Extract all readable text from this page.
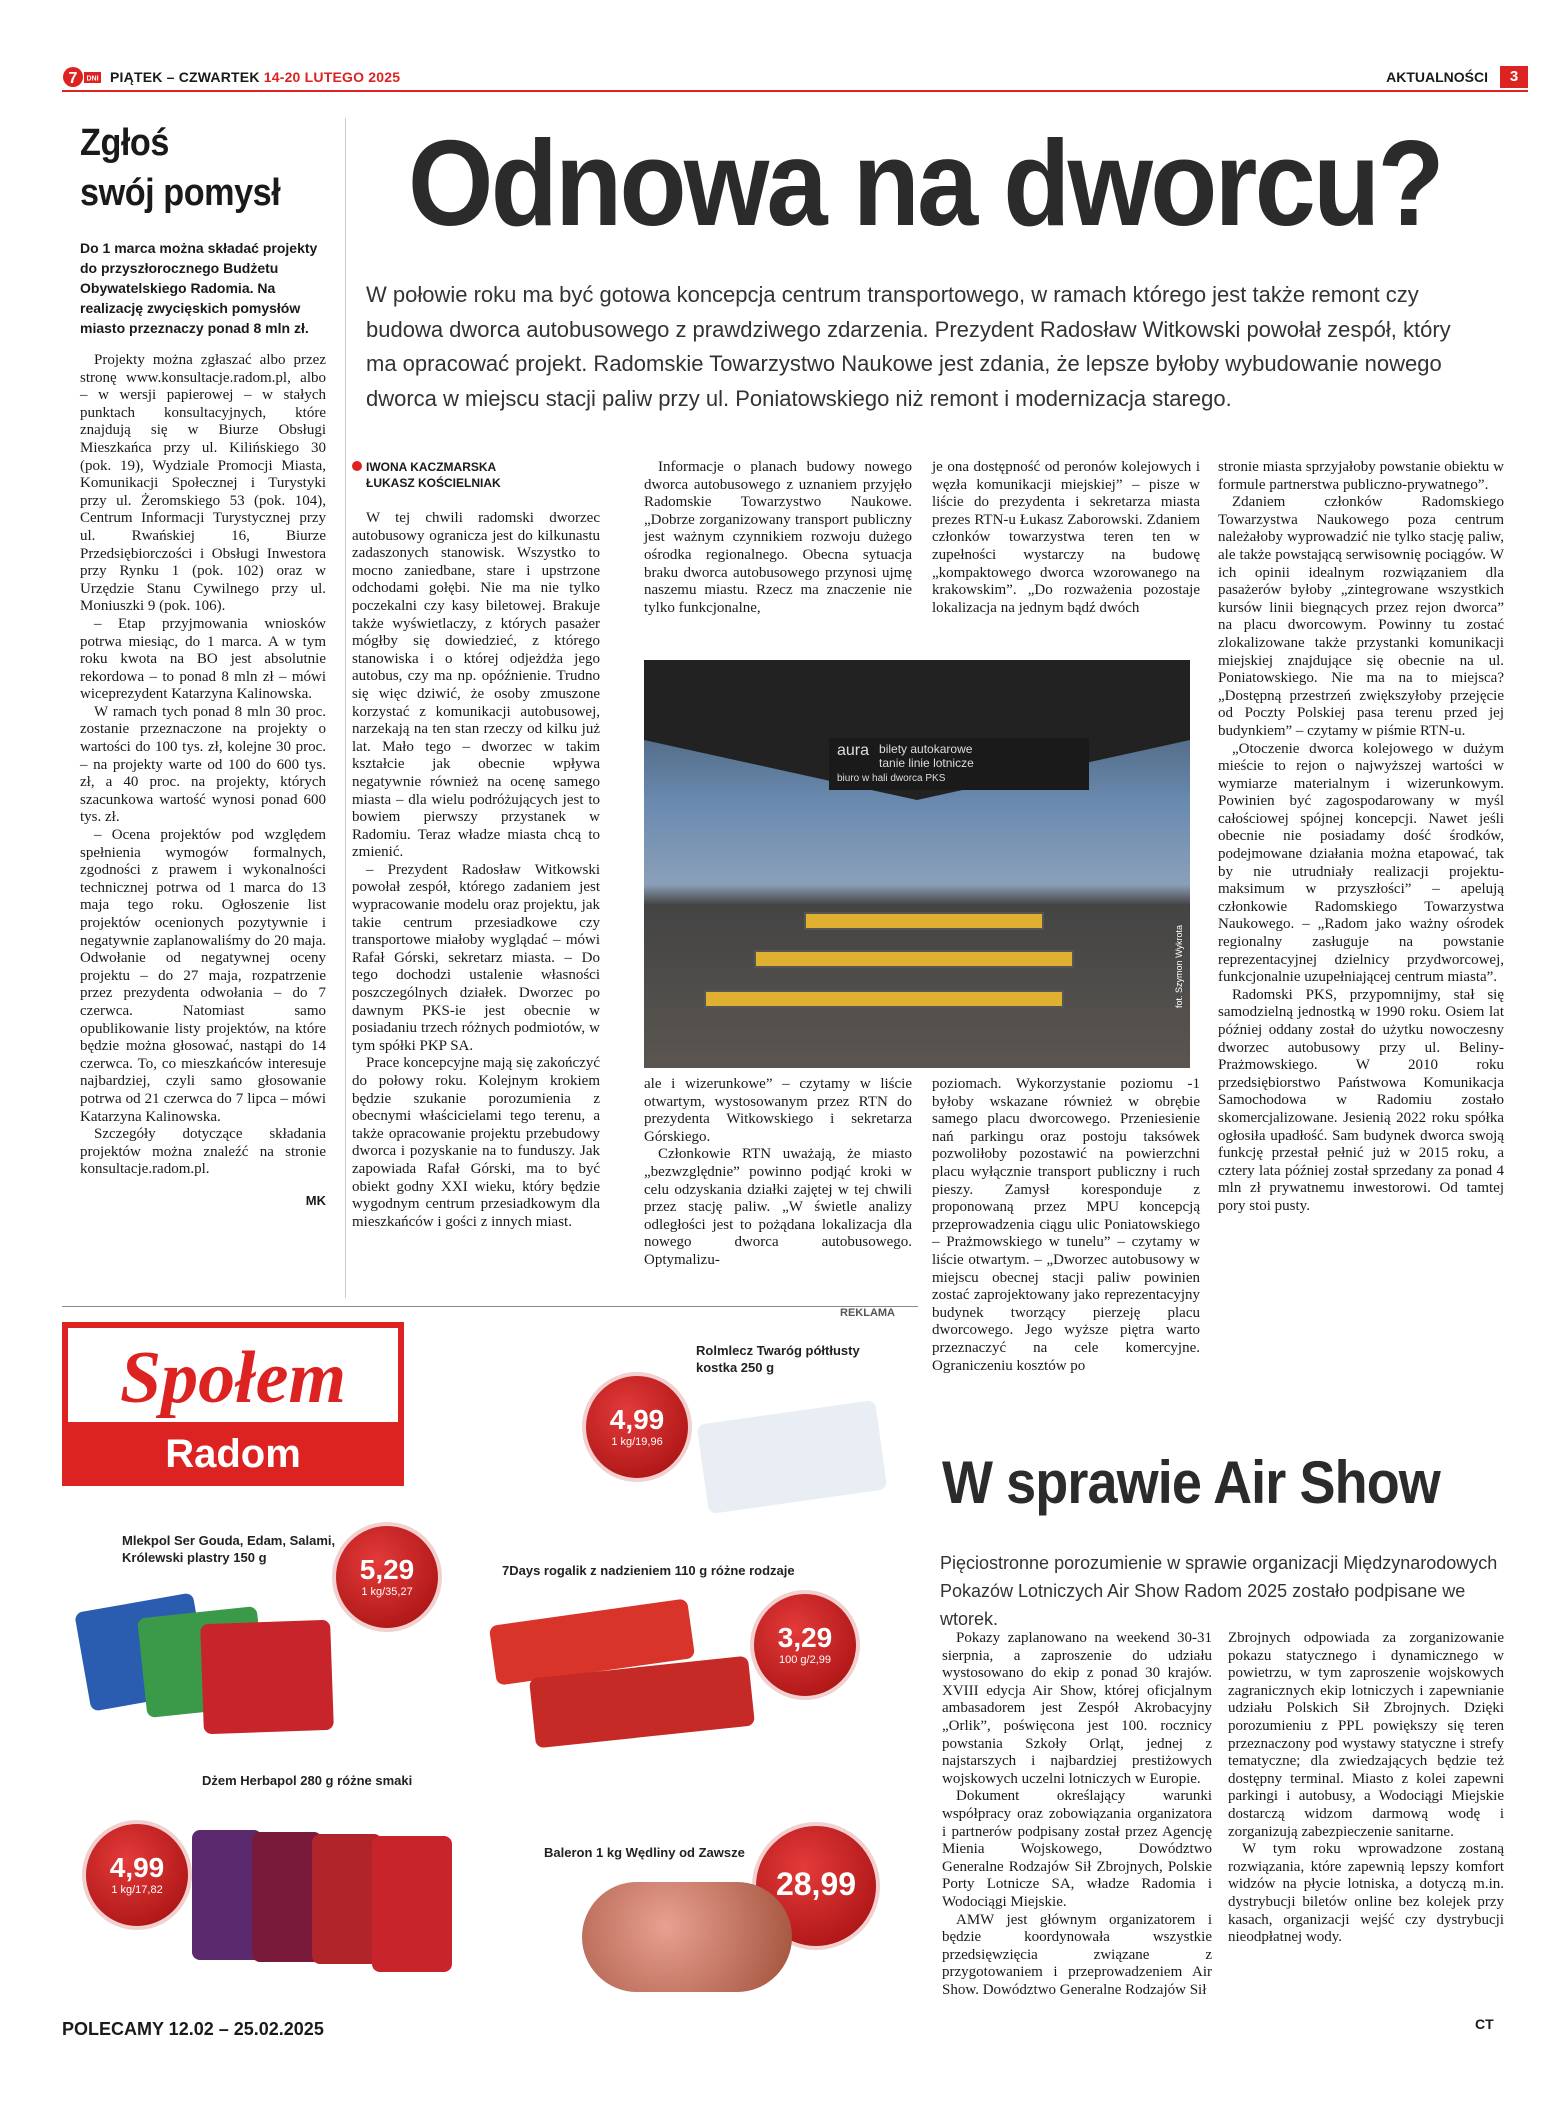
7 DNI PIĄTEK – CZWARTEK 14-20 LUTEGO 2025	AKTUALNOŚCI	3
Zgłoś
swój pomysł
Do 1 marca można składać projekty do przyszłorocznego Budżetu Obywatelskiego Radomia. Na realizację zwycięskich pomysłów miasto przeznaczy ponad 8 mln zł.

Projekty można zgłaszać albo przez stronę www.konsultacje.radom.pl, albo – w wersji papierowej – w stałych punktach konsultacyjnych, które znajdują się w Biurze Obsługi Mieszkańca przy ul. Kilińskiego 30 (pok. 19), Wydziale Promocji Miasta, Komunikacji Społecznej i Turystyki przy ul. Żeromskiego 53 (pok. 104), Centrum Informacji Turystycznej przy ul. Rwańskiej 16, Biurze Przedsiębiorczości i Obsługi Inwestora przy Rynku 1 (pok. 102) oraz w Urzędzie Stanu Cywilnego przy ul. Moniuszki 9 (pok. 106).

– Etap przyjmowania wniosków potrwa miesiąc, do 1 marca. A w tym roku kwota na BO jest absolutnie rekordowa – to ponad 8 mln zł – mówi wiceprezydent Katarzyna Kalinowska.

W ramach tych ponad 8 mln 30 proc. zostanie przeznaczone na projekty o wartości do 100 tys. zł, kolejne 30 proc. – na projekty warte od 100 do 600 tys. zł, a 40 proc. na projekty, których szacunkowa wartość wynosi ponad 600 tys. zł.

– Ocena projektów pod względem spełnienia wymogów formalnych, zgodności z prawem i wykonalności technicznej potrwa od 1 marca do 13 maja tego roku. Ogłoszenie list projektów ocenionych pozytywnie i negatywnie zaplanowaliśmy do 20 maja. Odwołanie od negatywnej oceny projektu – do 27 maja, rozpatrzenie przez prezydenta odwołania – do 7 czerwca. Natomiast samo opublikowanie listy projektów, na które będzie można głosować, nastąpi do 14 czerwca. To, co mieszkańców interesuje najbardziej, czyli samo głosowanie potrwa od 21 czerwca do 7 lipca – mówi Katarzyna Kalinowska.

Szczegóły dotyczące składania projektów można znaleźć na stronie konsultacje.radom.pl.

MK
Odnowa na dworcu?
W połowie roku ma być gotowa koncepcja centrum transportowego, w ramach którego jest także remont czy budowa dworca autobusowego z prawdziwego zdarzenia. Prezydent Radosław Witkowski powołał zespół, który ma opracować projekt. Radomskie Towarzystwo Naukowe jest zdania, że lepsze byłoby wybudowanie nowego dworca w miejscu stacji paliw przy ul. Poniatowskiego niż remont i modernizacja starego.
IWONA KACZMARSKA
ŁUKASZ KOŚCIELNIAK

W tej chwili radomski dworzec autobusowy ogranicza jest do kilkunastu zadaszonych stanowisk. Wszystko to mocno zaniedbane, stare i upstrzone odchodami gołębi. Nie ma nie tylko poczekalni czy kasy biletowej. Brakuje także wyświetlaczy, z których pasażer mógłby się dowiedzieć, z którego stanowiska i o której odjeżdża jego autobus, czy ma np. opóźnienie. Trudno się więc dziwić, że osoby zmuszone korzystać z komunikacji autobusowej, narzekają na ten stan rzeczy od kilku już lat. Mało tego – dworzec w takim kształcie jak obecnie wpływa negatywnie również na ocenę samego miasta – dla wielu podróżujących jest to bowiem pierwszy przystanek w Radomiu. Teraz władze miasta chcą to zmienić.

– Prezydent Radosław Witkowski powołał zespół, którego zadaniem jest wypracowanie modelu oraz projektu, jak takie centrum przesiadkowe czy transportowe miałoby wyglądać – mówi Rafał Górski, sekretarz miasta. – Do tego dochodzi ustalenie własności poszczególnych działek. Dworzec po dawnym PKS-ie jest obecnie w posiadaniu trzech różnych podmiotów, w tym spółki PKP SA.

Prace koncepcyjne mają się zakończyć do połowy roku. Kolejnym krokiem będzie szukanie porozumienia z obecnymi właścicielami tego terenu, a także opracowanie projektu przebudowy dworca i pozyskanie na to funduszy. Jak zapowiada Rafał Górski, ma to być obiekt godny XXI wieku, który będzie wygodnym centrum przesiadkowym dla mieszkańców i gości z innych miast.

Informacje o planach budowy nowego dworca autobusowego z uznaniem przyjęło Radomskie Towarzystwo Naukowe. „Dobrze zorganizowany transport publiczny jest ważnym czynnikiem rozwoju dużego ośrodka regionalnego. Obecna sytuacja braku dworca autobusowego przynosi ujmę naszemu miastu. Rzecz ma znaczenie nie tylko funkcjonalne,

je ona dostępność od peronów kolejowych i węzła komunikacji miejskiej” – pisze w liście do prezydenta i sekretarza miasta prezes RTN-u Łukasz Zaborowski. Zdaniem członków towarzystwa teren ten w zupełności wystarczy na budowę „kompaktowego dworca wzorowanego na krakowskim”. „Do rozważenia pozostaje lokalizacja na jednym bądź dwóch

aura bilety autokarowe
tanie linie lotnicze
biuro w hali dworca PKS
fot. Szymon Wykrota

ale i wizerunkowe” – czytamy w liście otwartym, wystosowanym przez RTN do prezydenta Witkowskiego i sekretarza Górskiego.

Członkowie RTN uważają, że miasto „bezwzględnie” powinno podjąć kroki w celu odzyskania działki zajętej w tej chwili przez stację paliw. „W świetle analizy odległości jest to pożądana lokalizacja dla nowego dworca autobusowego. Optymalizu-

poziomach. Wykorzystanie poziomu -1 byłoby wskazane również w obrębie samego placu dworcowego. Przeniesienie nań parkingu oraz postoju taksówek pozwoliłoby pozostawić na powierzchni placu wyłącznie transport publiczny i ruch pieszy. Zamysł koresponduje z proponowaną przez MPU koncepcją przeprowadzenia ciągu ulic Poniatowskiego – Prażmowskiego w tunelu” – czytamy w liście otwartym. – „Dworzec autobusowy w miejscu obecnej stacji paliw powinien zostać zaprojektowany jako reprezentacyjny budynek tworzący pierzeję placu dworcowego. Jego wyższe piętra warto przeznaczyć na cele komercyjne. Ograniczeniu kosztów po

stronie miasta sprzyjałoby powstanie obiektu w formule partnerstwa publiczno-prywatnego”.

Zdaniem członków Radomskiego Towarzystwa Naukowego poza centrum należałoby wyprowadzić nie tylko stację paliw, ale także powstającą serwisownię pociągów. W ich opinii idealnym rozwiązaniem dla pasażerów byłoby „zintegrowane wszystkich kursów linii biegnących przez rejon dworca” na placu dworcowym. Powinny tu zostać zlokalizowane także przystanki komunikacji miejskiej znajdujące się obecnie na ul. Poniatowskiego. Nie ma na to miejsca? „Dostępną przestrzeń zwiększyłoby przejęcie od Poczty Polskiej pasa terenu przed jej budynkiem” – czytamy w piśmie RTN-u.

„Otoczenie dworca kolejowego w dużym mieście to rejon o najwyższej wartości w wymiarze materialnym i wizerunkowym. Powinien być zagospodarowany w myśl całościowej spójnej koncepcji. Nawet jeśli obecnie nie posiadamy dość środków, podejmowane działania można etapować, tak by nie utrudniały realizacji projektu-maksimum w przyszłości” – apelują członkowie Radomskiego Towarzystwa Naukowego. – „Radom jako ważny ośrodek regionalny zasługuje na powstanie reprezentacyjnej dzielnicy przydworcowej, funkcjonalnie uzupełniającej centrum miasta”.

Radomski PKS, przypomnijmy, stał się samodzielną jednostką w 1990 roku. Osiem lat później oddany został do użytku nowoczesny dworzec autobusowy przy ul. Beliny-Prażmowskiego. W 2010 roku przedsiębiorstwo Państwowa Komunikacja Samochodowa w Radomiu zostało skomercjalizowane. Jesienią 2022 roku spółka ogłosiła upadłość. Sam budynek dworca swoją funkcję przestał pełnić już w 2015 roku, a cztery lata później został sprzedany za ponad 4 mln zł prywatnemu inwestorowi. Od tamtej pory stoi pusty.

REKLAMA
Społem
Radom
Rolmlecz Twaróg półtłusty kostka 250 g
4,99
1 kg/19,96
Mlekpol Ser Gouda, Edam, Salami, Królewski plastry 150 g	5,29
1 kg/35,27
7Days rogalik z nadzieniem 110 g różne rodzaje
3,29
100 g/2,99
Dżem Herbapol 280 g różne smaki
4,99
1 kg/17,82
Baleron 1 kg Wędliny od Zawsze
28,99
POLECAMY 12.02 – 25.02.2025
W sprawie Air Show
Pięciostronne porozumienie w sprawie organizacji Międzynarodowych Pokazów Lotniczych Air Show Radom 2025 zostało podpisane we wtorek.

Pokazy zaplanowano na weekend 30-31 sierpnia, a zaproszenie do udziału wystosowano do ekip z ponad 30 krajów. XVIII edycja Air Show, której oficjalnym ambasadorem jest Zespół Akrobacyjny „Orlik”, poświęcona jest 100. rocznicy powstania Szkoły Orląt, jednej z najstarszych i najbardziej prestiżowych wojskowych uczelni lotniczych w Europie.

Dokument określający warunki współpracy oraz zobowiązania organizatora i partnerów podpisany został przez Agencję Mienia Wojskowego, Dowództwo Generalne Rodzajów Sił Zbrojnych, Polskie Porty Lotnicze SA, władze Radomia i Wodociągi Miejskie.

AMW jest głównym organizatorem i będzie koordynowała wszystkie przedsięwzięcia związane z przygotowaniem i przeprowadzeniem Air Show. Dowództwo Generalne Rodzajów Sił

Zbrojnych odpowiada za zorganizowanie pokazu statycznego i dynamicznego w powietrzu, w tym zaproszenie wojskowych zagranicznych ekip lotniczych i zapewnianie udziału Polskich Sił Zbrojnych. Dzięki porozumieniu z PPL powiększy się teren przeznaczony pod wystawy statyczne i strefy tematyczne; dla zwiedzających będzie też dostępny terminal. Miasto z kolei zapewni parkingi i autobusy, a Wodociągi Miejskie dostarczą widzom darmową wodę i zorganizują zabezpieczenie sanitarne.

W tym roku wprowadzone zostaną rozwiązania, które zapewnią lepszy komfort widzów na płycie lotniska, a dotyczą m.in. dystrybucji biletów online bez kolejek przy kasach, organizacji wejść czy dystrybucji nieodpłatnej wody.

CT
